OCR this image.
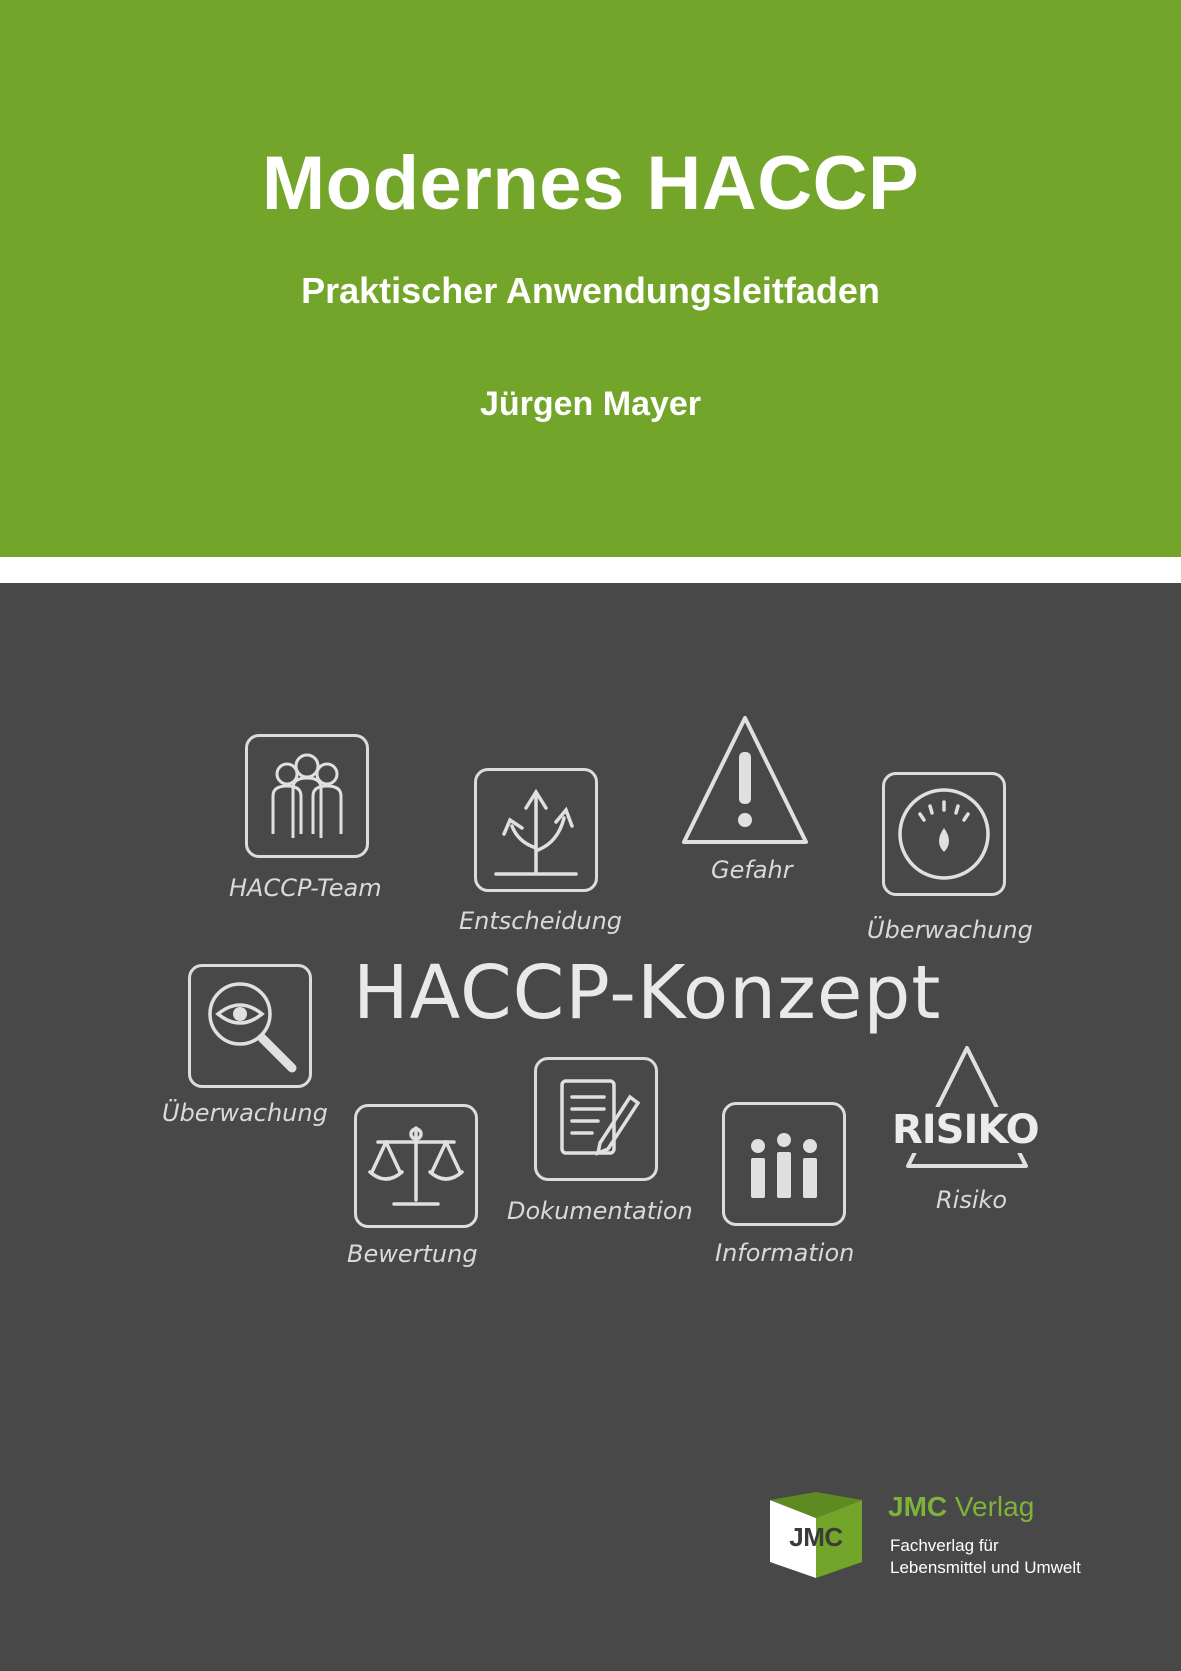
Modernes HACCP
Praktischer Anwendungsleitfaden
Jürgen Mayer
HACCP-Team
Entscheidung
Gefahr
Überwachung
HACCP-Konzept
Überwachung
Dokumentation
Bewertung	Information
RISIKO
Risiko
JMC
JMC Verlag
Fachverlag für
Lebensmittel und Umwelt
